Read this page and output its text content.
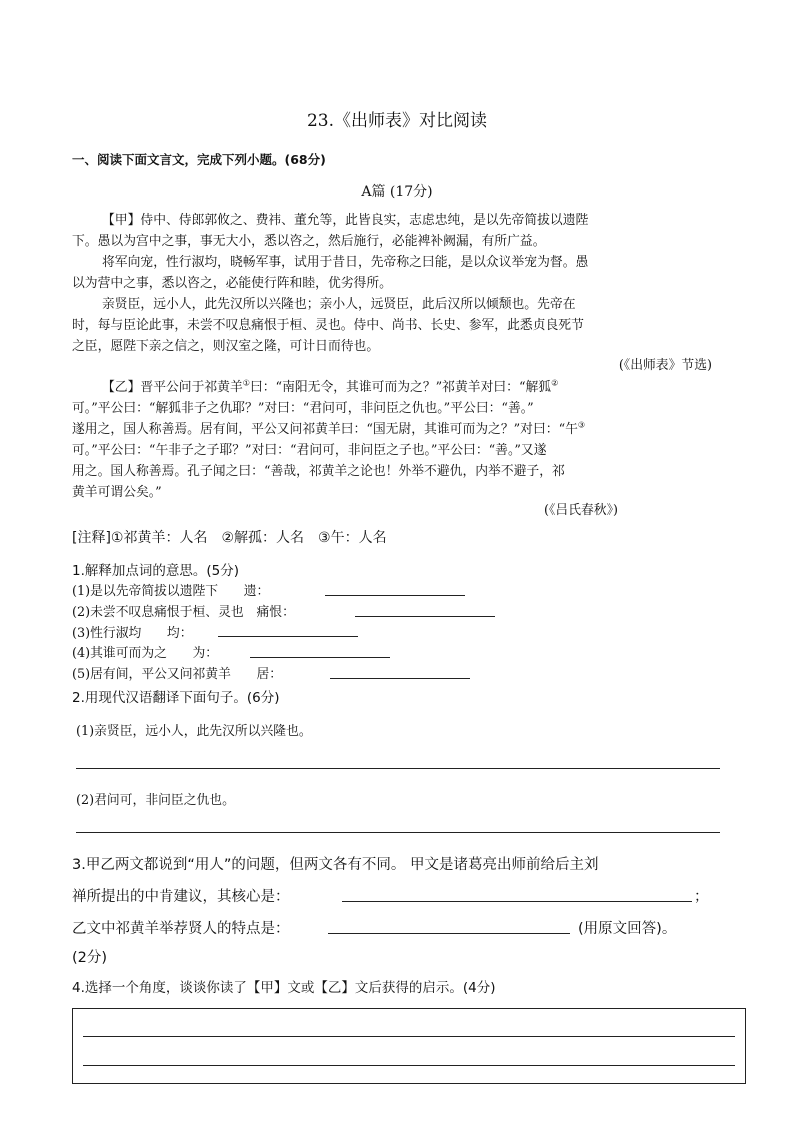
23.《出师表》对比阅读
一、阅读下面文言文，完成下列小题。(68分)
A篇 (17分)
【甲】侍中、侍郎郭攸之、费祎、董允等，此皆良实，志虑忠纯，是以先帝简拔以遗陛
下。愚以为宫中之事，事无大小，悉以咨之，然后施行，必能裨补阙漏，有所广益。
将军向宠，性行淑均，晓畅军事，试用于昔日，先帝称之曰能，是以众议举宠为督。愚
以为营中之事，悉以咨之，必能使行阵和睦，优劣得所。
亲贤臣，远小人，此先汉所以兴隆也；亲小人，远贤臣，此后汉所以倾颓也。先帝在
时，每与臣论此事，未尝不叹息痛恨于桓、灵也。侍中、尚书、长史、参军，此悉贞良死节
之臣，愿陛下亲之信之，则汉室之隆，可计日而待也。
(《出师表》节选)
【乙】晋平公问于祁黄羊①曰：“南阳无令，其谁可而为之？”祁黄羊对曰：“解狐②
可。”平公曰：“解狐非子之仇耶？”对曰：“君问可，非问臣之仇也。”平公曰：“善。”
遂用之，国人称善焉。居有间，平公又问祁黄羊曰：“国无尉，其谁可而为之？”对曰：“午③
可。”平公曰：“午非子之子耶？”对曰：“君问可，非问臣之子也。”平公曰：“善。”又遂
用之。国人称善焉。孔子闻之曰：“善哉，祁黄羊之论也！外举不避仇，内举不避子，祁
黄羊可谓公矣。”
(《吕氏春秋》)
[注释]①祁黄羊：人名　②解孤：人名　③午：人名
1.解释加点词的意思。(5分)
(1)是以先帝简拔以遗陛下　　遗：
(2)未尝不叹息痛恨于桓、灵也　痛恨：
(3)性行淑均　　均：
(4)其谁可而为之　　为：
(5)居有间，平公又问祁黄羊　　居：
2.用现代汉语翻译下面句子。(6分)
(1)亲贤臣，远小人，此先汉所以兴隆也。
(2)君问可，非问臣之仇也。
3.甲乙两文都说到“用人”的问题，但两文各有不同。 甲文是诸葛亮出师前给后主刘
禅所提出的中肯建议，其核心是：	；
乙文中祁黄羊举荐贤人的特点是：	(用原文回答)。
(2分)
4.选择一个角度，谈谈你读了【甲】文或【乙】文后获得的启示。(4分)
